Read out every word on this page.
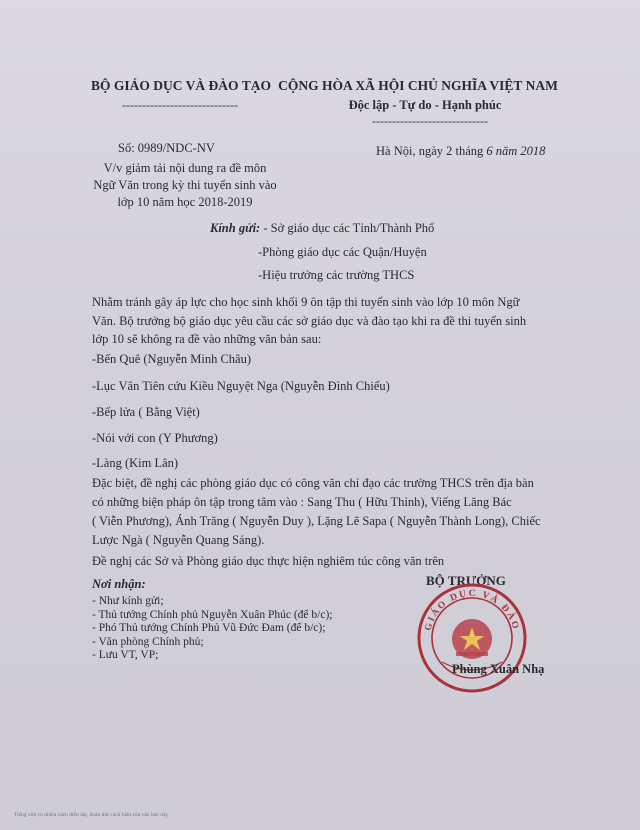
BỘ GIÁO DỤC VÀ ĐÀO TẠO
-----------------------------
CỘNG HÒA XÃ HỘI CHỦ NGHĨA VIỆT NAM
Độc lập - Tự do - Hạnh phúc
-----------------------------
Số: 0989/NDC-NV	Hà Nội, ngày 2 tháng 6 năm 2018
V/v giảm tải nội dung ra đề môn
Ngữ Văn trong kỳ thi tuyển sinh vào
lớp 10 năm học 2018-2019
Kính gửi: - Sở giáo dục các Tỉnh/Thành Phố
-Phòng giáo dục các Quận/Huyện
-Hiệu trưởng các trường THCS
Nhằm tránh gây áp lực cho học sinh khối 9 ôn tập thi tuyển sinh vào lớp 10 môn Ngữ
Văn. Bộ trưởng bộ giáo dục yêu cầu các sở giáo dục và đào tạo khi ra đề thi tuyển sinh
lớp 10 sẽ không ra đề vào những văn bản sau:
-Bến Quê (Nguyễn Minh Châu)
-Lục Vân Tiên cứu Kiều Nguyệt Nga (Nguyễn Đình Chiểu)
-Bếp lửa ( Bằng Việt)
-Nói với con (Y Phương)
-Làng (Kim Lân)
Đặc biệt, đề nghị các phòng giáo dục có công văn chỉ đạo các trường THCS trên địa bàn
có những biện pháp ôn tập trong tâm vào : Sang Thu ( Hữu Thỉnh), Viếng Lăng Bác
( Viễn Phương), Ánh Trăng ( Nguyễn Duy ), Lặng Lẽ Sapa ( Nguyễn Thành Long), Chiếc
Lược Ngà ( Nguyễn Quang Sáng).
Đề nghị các Sở và Phòng giáo dục thực hiện nghiêm túc công văn trên
Nơi nhận:
- Như kính gửi;
- Thủ tướng Chính phủ Nguyễn Xuân Phúc (để b/c);
- Phó Thủ tướng Chính Phủ Vũ Đức Đam (để b/c);
- Văn phòng Chính phủ;
- Lưu VT, VP;
BỘ TRƯỞNG
GIÁO DỤC VÀ ĐÀO
Phùng Xuân Nhạ
Tiếng việt có nhiều cách diễn đạt, đoán thử cách hiểu của văn bản này
